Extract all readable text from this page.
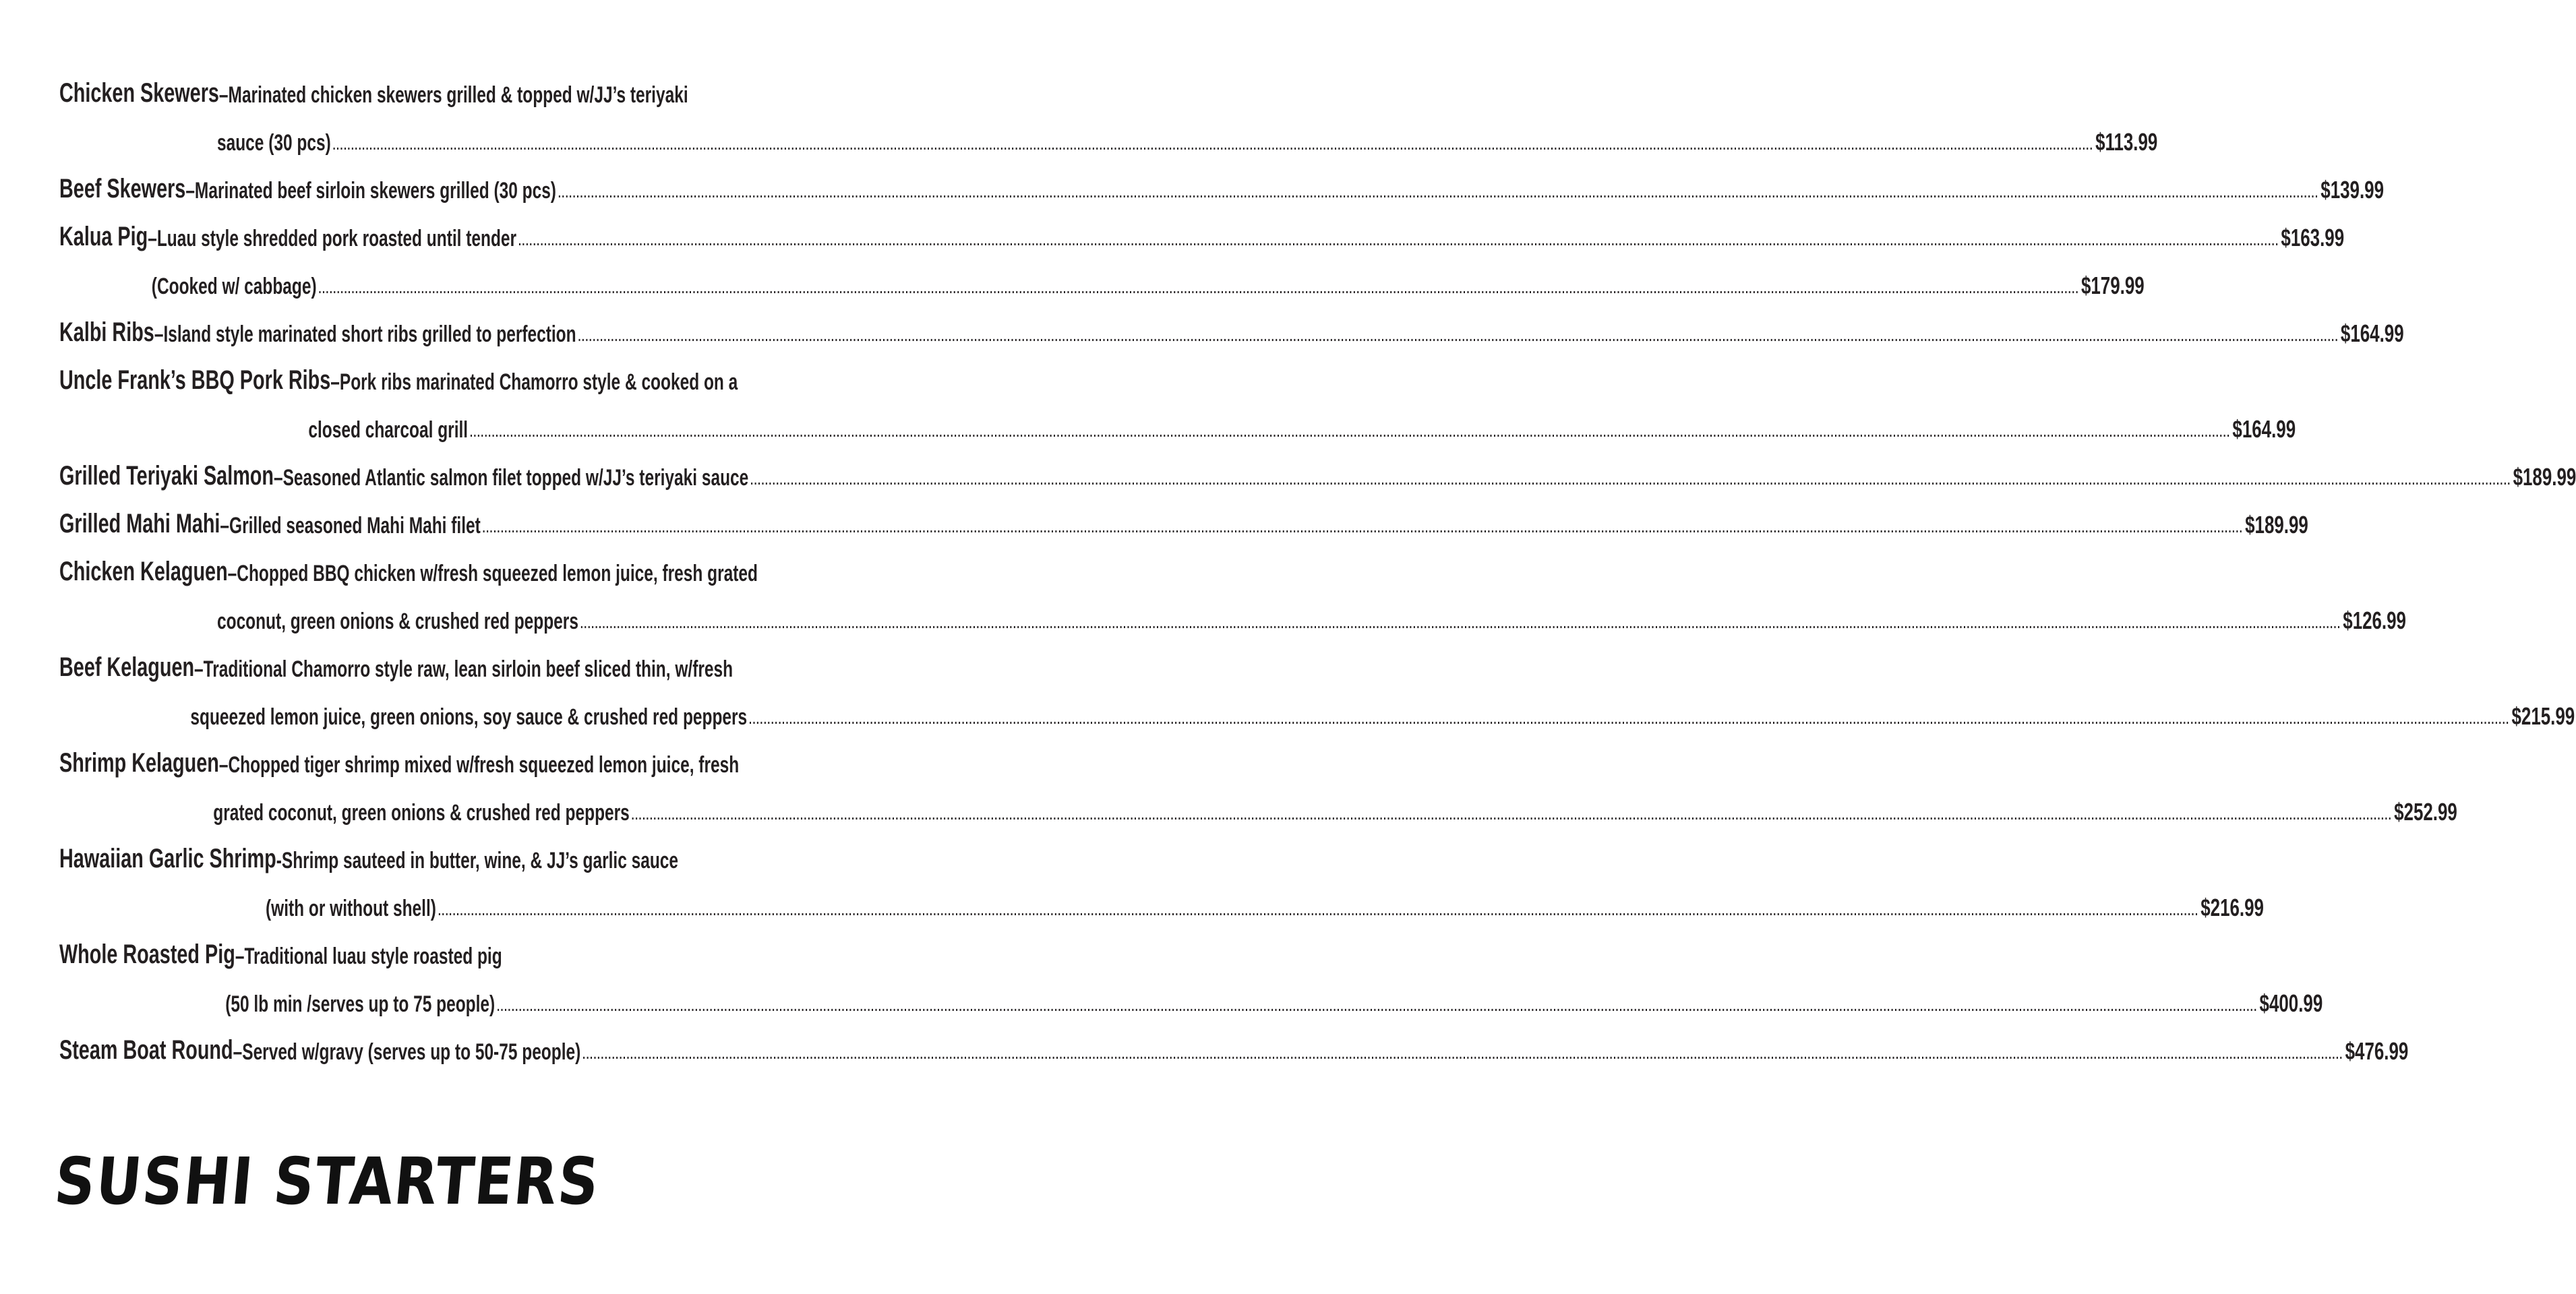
Chicken Skewers – Marinated chicken skewers grilled & topped w/JJ’s teriyaki
sauce (30 pcs) .....	$113.99
Beef Skewers – Marinated beef sirloin skewers grilled (30 pcs) .....	$139.99
Kalua Pig – Luau style shredded pork roasted until tender .....	$163.99
(Cooked w/ cabbage) .....	$179.99
Kalbi Ribs – Island style marinated short ribs grilled to perfection .....	$164.99
Uncle Frank’s BBQ Pork Ribs – Pork ribs marinated Chamorro style & cooked on a
closed charcoal grill .....	$164.99
Grilled Teriyaki Salmon – Seasoned Atlantic salmon filet topped w/JJ’s teriyaki sauce .....	$189.99
Grilled Mahi Mahi – Grilled seasoned Mahi Mahi filet .....	$189.99
Chicken Kelaguen – Chopped BBQ chicken w/fresh squeezed lemon juice, fresh grated
coconut, green onions & crushed red peppers .....	$126.99
Beef Kelaguen – Traditional Chamorro style raw, lean sirloin beef sliced thin, w/fresh
squeezed lemon juice, green onions, soy sauce & crushed red peppers .....	$215.99
Shrimp Kelaguen – Chopped tiger shrimp mixed w/fresh squeezed lemon juice, fresh
grated coconut, green onions & crushed red peppers .....	$252.99
Hawaiian Garlic Shrimp - Shrimp sauteed in butter, wine, & JJ’s garlic sauce
(with or without shell) .....	$216.99
Whole Roasted Pig – Traditional luau style roasted pig
(50 lb min /serves up to 75 people) .....	$400.99
Steam Boat Round – Served w/gravy (serves up to 50-75 people) .....	$476.99
SUSHI STARTERS
